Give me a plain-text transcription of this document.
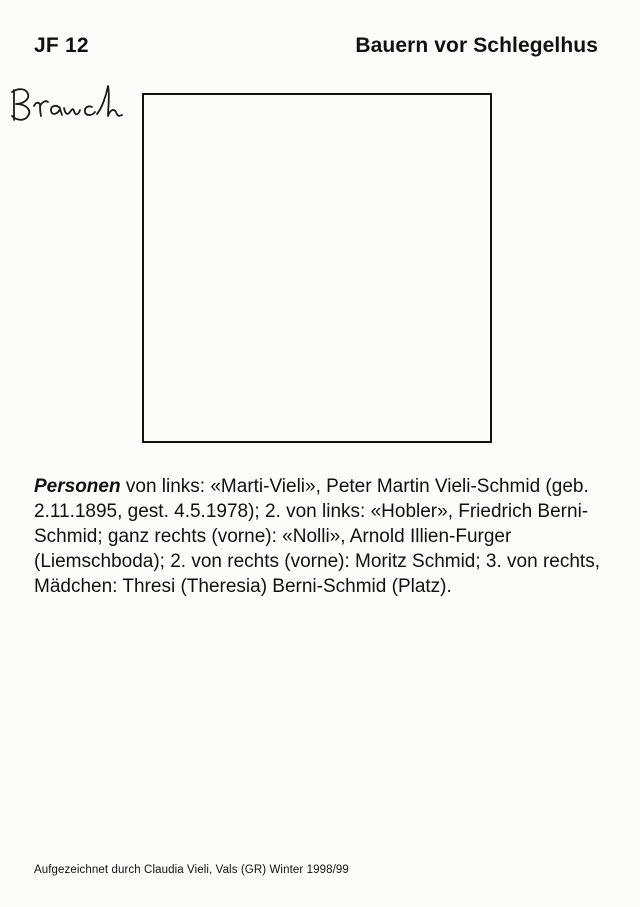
JF 12	Bauern vor Schlegelhus

Personen von links: «Marti-Vieli», Peter Martin Vieli-Schmid (geb. 2.11.1895, gest. 4.5.1978); 2. von links: «Hobler», Friedrich Berni-Schmid; ganz rechts (vorne): «Nolli», Arnold Illien-Furger (Liemschboda); 2. von rechts (vorne): Moritz Schmid; 3. von rechts, Mädchen: Thresi (Theresia) Berni-Schmid (Platz).

Aufgezeichnet durch Claudia Vieli, Vals (GR) Winter 1998/99
